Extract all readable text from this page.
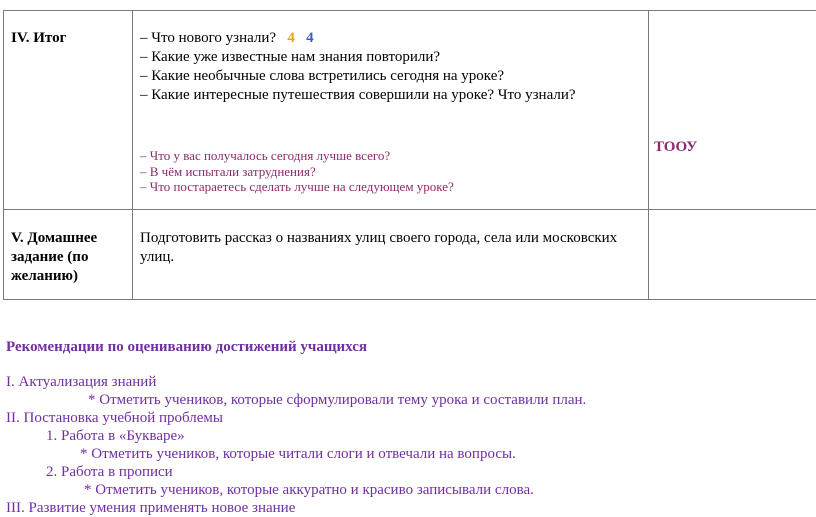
IV. Итог	– Что нового узнали? 4 4
– Какие уже известные нам знания повторили?
– Какие необычные слова встретились сегодня на уроке?
– Какие интересные путешествия совершили на уроке? Что узнали?
– Что у вас получалось сегодня лучше всего?
– В чём испытали затруднения?
– Что постараетесь сделать лучше на следующем уроке?
ТООУ
V. Домашнее
задание (по
желанию)
Подготовить рассказ о названиях улиц своего города, села или московских
улиц.
Рекомендации по оцениванию достижений учащихся
I. Актуализация знаний
* Отметить учеников, которые сформулировали тему урока и составили план.
II. Постановка учебной проблемы
1. Работа в «Букваре»
* Отметить учеников, которые читали слоги и отвечали на вопросы.
2. Работа в прописи
* Отметить учеников, которые аккуратно и красиво записывали слова.
III. Развитие умения применять новое знание
